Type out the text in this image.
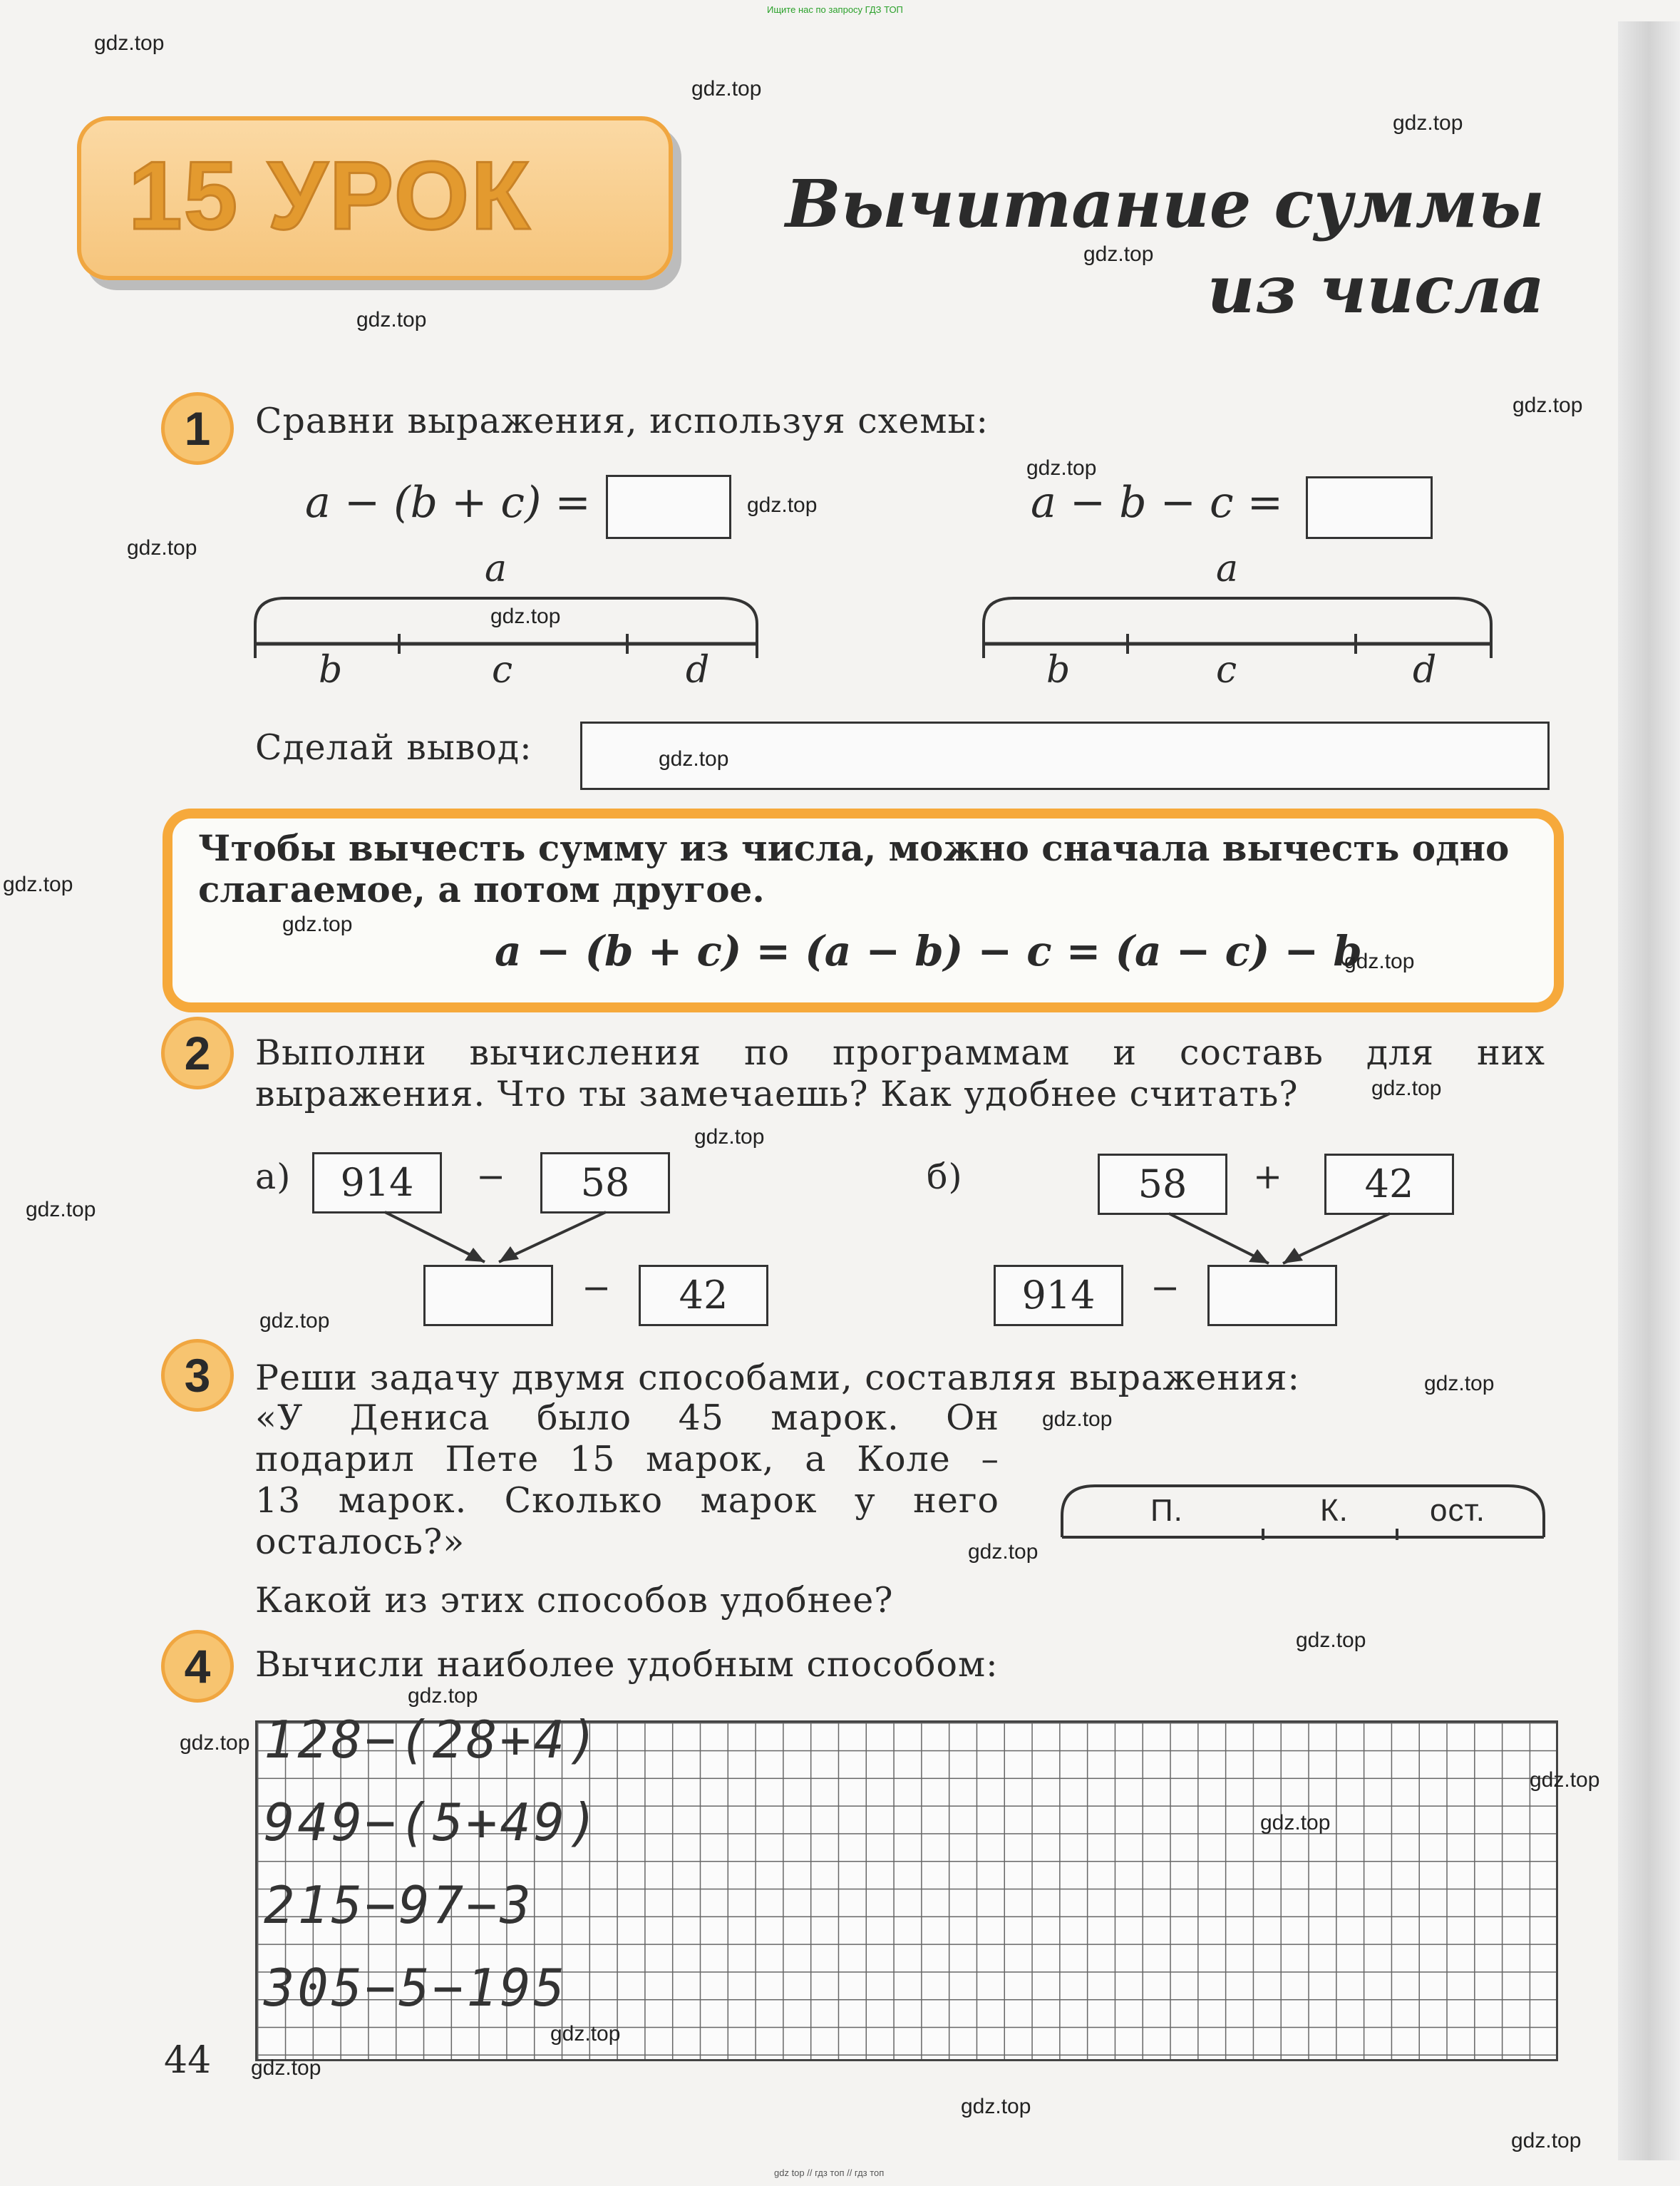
Ищите нас по запросу ГДЗ ТОП
15 УРОК	Вычитание суммы
из числа
1	Сравни выражения, используя схемы:
a − (b + c) =	a − b − c =
a
b	c	d
a
b	c	d
Сделай вывод:
Чтобы вычесть сумму из числа, можно сначала вычесть одно
слагаемое, а потом другое.
a − (b + c) = (a − b) − c = (a − c) − b
2	Выполни вычисления по программам и составь для них
выражения. Что ты замечаешь? Как удобнее считать?
а)	914	−	58
−	42
б)	58	+	42
914	−
3	Реши задачу двумя способами, составляя выражения:
«У Дениса было 45 марок. Он
подарил Пете 15 марок, а Коле –
13 марок. Сколько марок у него
осталось?»
Какой из этих способов удобнее?
П.	К.	ост.
4	Вычисли наиболее удобным способом:
128−(28+4)
949−(5+49)
215−97−3
305−5−195
44
gdz.top
gdz.top
gdz.top
gdz.top
gdz.top
gdz.top
gdz.top
gdz.top
gdz.top
gdz.top
gdz.top
gdz.top
gdz.top
gdz.top
gdz.top
gdz.top
gdz.top
gdz.top
gdz.top
gdz.top
gdz.top
gdz.top
gdz.top
gdz.top
gdz.top
gdz.top
gdz.top
gdz.top
gdz.top
gdz.top
gdz top // гдз топ // гдз топ
